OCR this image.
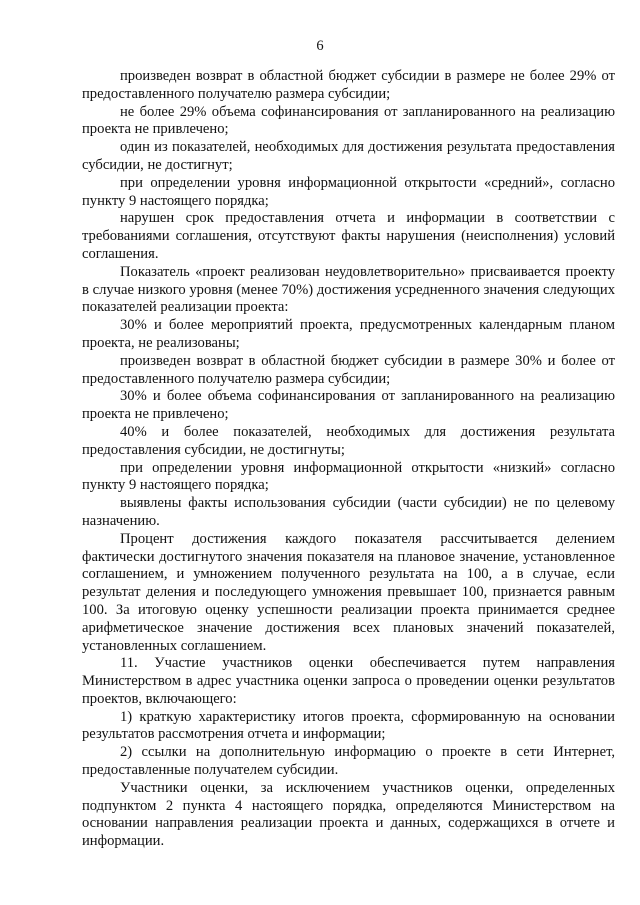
6

произведен возврат в областной бюджет субсидии в размере не более 29% от предоставленного получателю размера субсидии;

не более 29% объема софинансирования от запланированного на реализацию проекта не привлечено;

один из показателей, необходимых для достижения результата предоставления субсидии, не достигнут;

при определении уровня информационной открытости «средний», согласно пункту 9 настоящего порядка;

нарушен срок предоставления отчета и информации в соответствии с требованиями соглашения, отсутствуют факты нарушения (неисполнения) условий соглашения.

Показатель «проект реализован неудовлетворительно» присваивается проекту в случае низкого уровня (менее 70%) достижения усредненного значения следующих показателей реализации проекта:

30% и более мероприятий проекта, предусмотренных календарным планом проекта, не реализованы;

произведен возврат в областной бюджет субсидии в размере 30% и более от предоставленного получателю размера субсидии;

30% и более объема софинансирования от запланированного на реализацию проекта не привлечено;

40% и более показателей, необходимых для достижения результата предоставления субсидии, не достигнуты;

при определении уровня информационной открытости «низкий» согласно пункту 9 настоящего порядка;

выявлены факты использования субсидии (части субсидии) не по целевому назначению.

Процент достижения каждого показателя рассчитывается делением фактически достигнутого значения показателя на плановое значение, установленное соглашением, и умножением полученного результата на 100, а в случае, если результат деления и последующего умножения превышает 100, признается равным 100. За итоговую оценку успешности реализации проекта принимается среднее арифметическое значение достижения всех плановых значений показателей, установленных соглашением.

11. Участие участников оценки обеспечивается путем направления Министерством в адрес участника оценки запроса о проведении оценки результатов проектов, включающего:

1) краткую характеристику итогов проекта, сформированную на основании результатов рассмотрения отчета и информации;

2) ссылки на дополнительную информацию о проекте в сети Интернет, предоставленные получателем субсидии.

Участники оценки, за исключением участников оценки, определенных подпунктом 2 пункта 4 настоящего порядка, определяются Министерством на основании направления реализации проекта и данных, содержащихся в отчете и информации.
